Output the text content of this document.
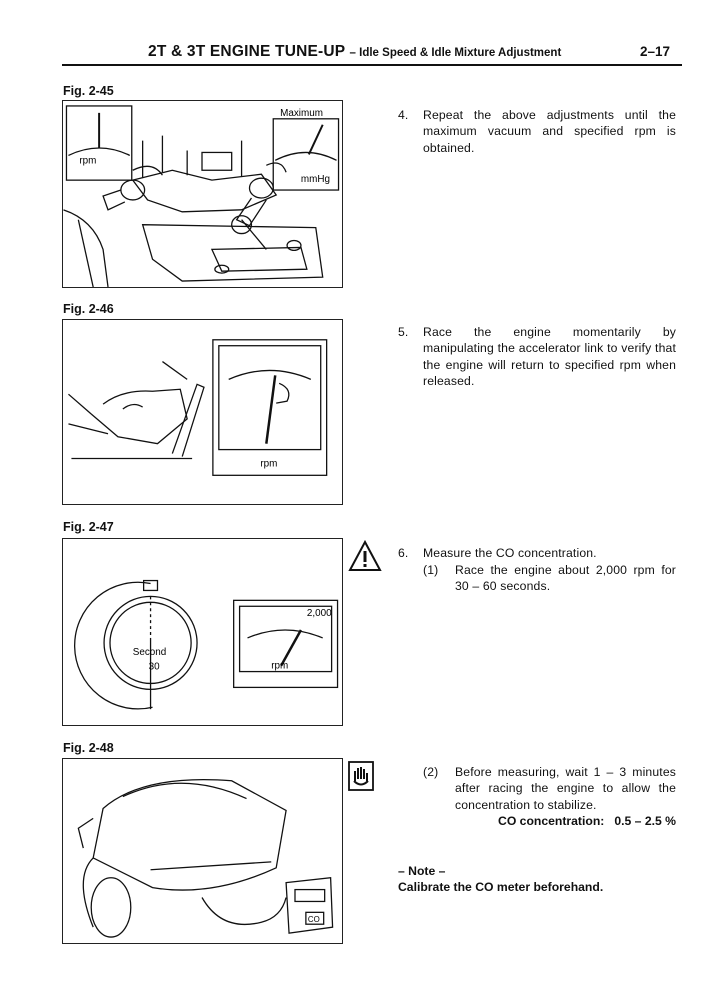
2T & 3T ENGINE TUNE-UP – Idle Speed & Idle Mixture Adjustment	2–17
Fig. 2-45
rpm
Maximum
mmHg
4. Repeat the above adjustments until the maximum vacuum and specified rpm is obtained.
Fig. 2-46
rpm
5. Race the engine momentarily by manipulating the accelerator link to verify that the engine will return to specified rpm when released.
Fig. 2-47
Second
30
2,000
rpm
6. Measure the CO concentration.
(1) Race the engine about 2,000 rpm for 30 – 60 seconds.
Fig. 2-48
CO
(2) Before measuring, wait 1 – 3 minutes after racing the engine to allow the concentration to stabilize.
CO concentration: 0.5 – 2.5 %
– Note –
Calibrate the CO meter beforehand.
